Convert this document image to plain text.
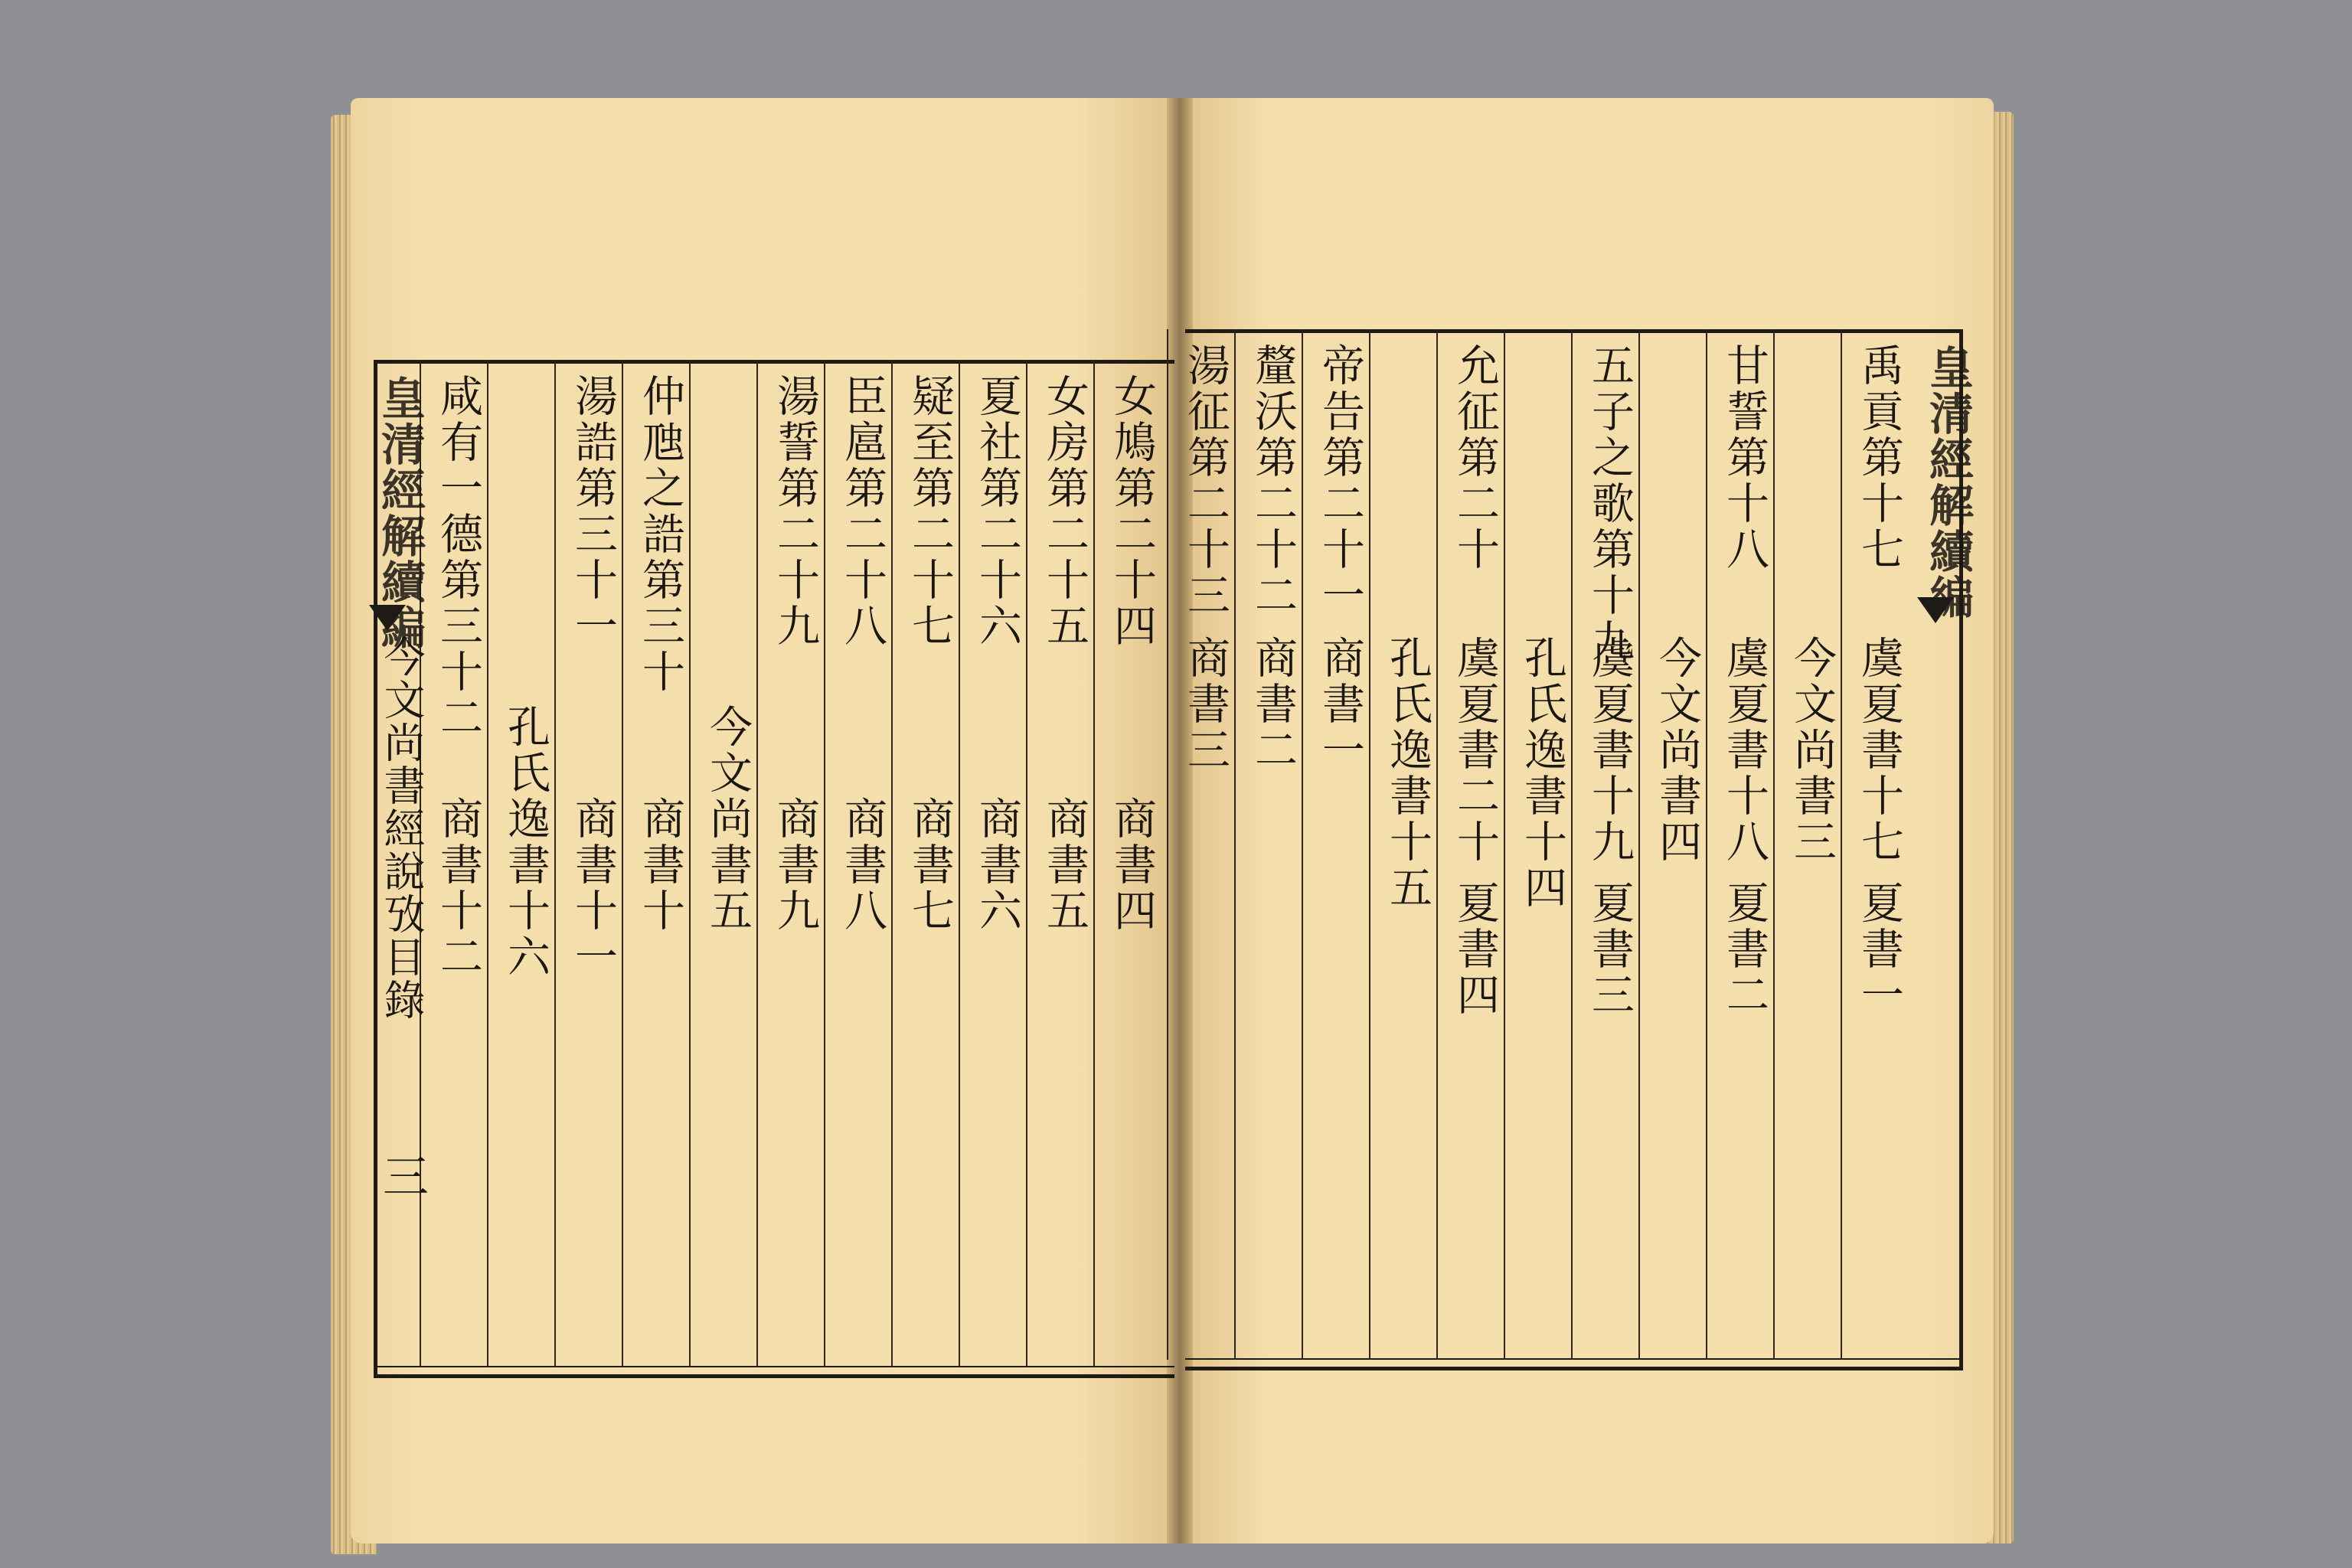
女鳩第二十四
商書四
女房第二十五
商書五
夏社第二十六
商書六
疑至第二十七
商書七
臣扈第二十八
商書八
湯誓第二十九
商書九
今文尚書五
仲虺之誥第三十
商書十
湯誥第三十一
商書十一
孔氏逸書十六
咸有一德第三十二
商書十二
皇清經解續編
今文尚書經說攷目錄
三
禹貢第十七
虞夏書十七
夏書一
今文尚書三
甘誓第十八
虞夏書十八
夏書二
今文尚書四
五子之歌第十九
虞夏書十九
夏書三
孔氏逸書十四
允征第二十
虞夏書二十
夏書四
孔氏逸書十五
帝告第二十一
商書一
釐沃第二十二
商書二
湯征第二十三
商書三
皇清經解續編
